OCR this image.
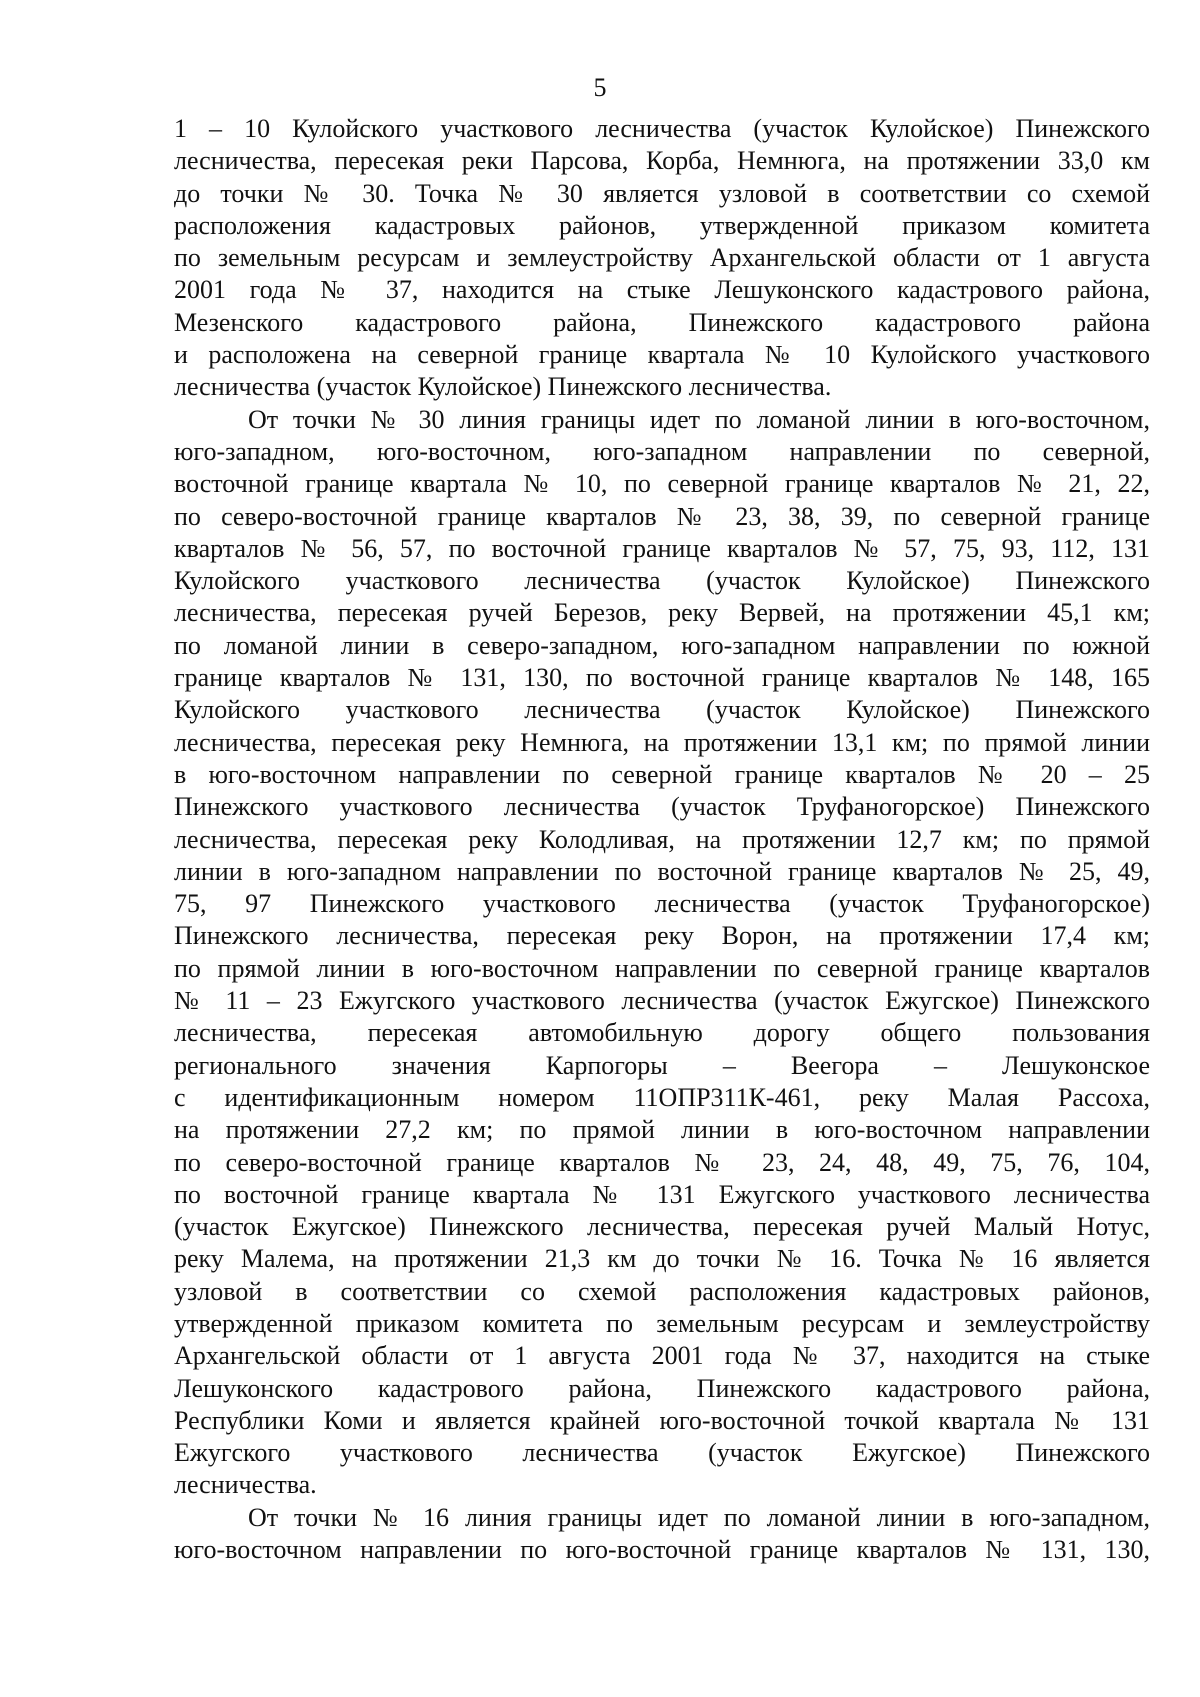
5
1 – 10 Кулойского участкового лесничества (участок Кулойское) Пинежского
лесничества, пересекая реки Парсова, Корба, Немнюга, на протяжении 33,0 км
до точки № 30. Точка № 30 является узловой в соответствии со схемой
расположения кадастровых районов, утвержденной приказом комитета
по земельным ресурсам и землеустройству Архангельской области от 1 августа
2001 года № 37, находится на стыке Лешуконского кадастрового района,
Мезенского кадастрового района, Пинежского кадастрового района
и расположена на северной границе квартала № 10 Кулойского участкового
лесничества (участок Кулойское) Пинежского лесничества.
От точки № 30 линия границы идет по ломаной линии в юго-восточном,
юго-западном, юго-восточном, юго-западном направлении по северной,
восточной границе квартала № 10, по северной границе кварталов № 21, 22,
по северо-восточной границе кварталов № 23, 38, 39, по северной границе
кварталов № 56, 57, по восточной границе кварталов № 57, 75, 93, 112, 131
Кулойского участкового лесничества (участок Кулойское) Пинежского
лесничества, пересекая ручей Березов, реку Вервей, на протяжении 45,1 км;
по ломаной линии в северо-западном, юго-западном направлении по южной
границе кварталов № 131, 130, по восточной границе кварталов № 148, 165
Кулойского участкового лесничества (участок Кулойское) Пинежского
лесничества, пересекая реку Немнюга, на протяжении 13,1 км; по прямой линии
в юго-восточном направлении по северной границе кварталов № 20 – 25
Пинежского участкового лесничества (участок Труфаногорское) Пинежского
лесничества, пересекая реку Колодливая, на протяжении 12,7 км; по прямой
линии в юго-западном направлении по восточной границе кварталов № 25, 49,
75, 97 Пинежского участкового лесничества (участок Труфаногорское)
Пинежского лесничества, пересекая реку Ворон, на протяжении 17,4 км;
по прямой линии в юго-восточном направлении по северной границе кварталов
№ 11 – 23 Ежугского участкового лесничества (участок Ежугское) Пинежского
лесничества, пересекая автомобильную дорогу общего пользования
регионального значения Карпогоры – Веегора – Лешуконское
с идентификационным номером 11ОПР311К-461, реку Малая Рассоха,
на протяжении 27,2 км; по прямой линии в юго-восточном направлении
по северо-восточной границе кварталов № 23, 24, 48, 49, 75, 76, 104,
по восточной границе квартала № 131 Ежугского участкового лесничества
(участок Ежугское) Пинежского лесничества, пересекая ручей Малый Нотус,
реку Малема, на протяжении 21,3 км до точки № 16. Точка № 16 является
узловой в соответствии со схемой расположения кадастровых районов,
утвержденной приказом комитета по земельным ресурсам и землеустройству
Архангельской области от 1 августа 2001 года № 37, находится на стыке
Лешуконского кадастрового района, Пинежского кадастрового района,
Республики Коми и является крайней юго-восточной точкой квартала № 131
Ежугского участкового лесничества (участок Ежугское) Пинежского
лесничества.
От точки № 16 линия границы идет по ломаной линии в юго-западном,
юго-восточном направлении по юго-восточной границе кварталов № 131, 130,
